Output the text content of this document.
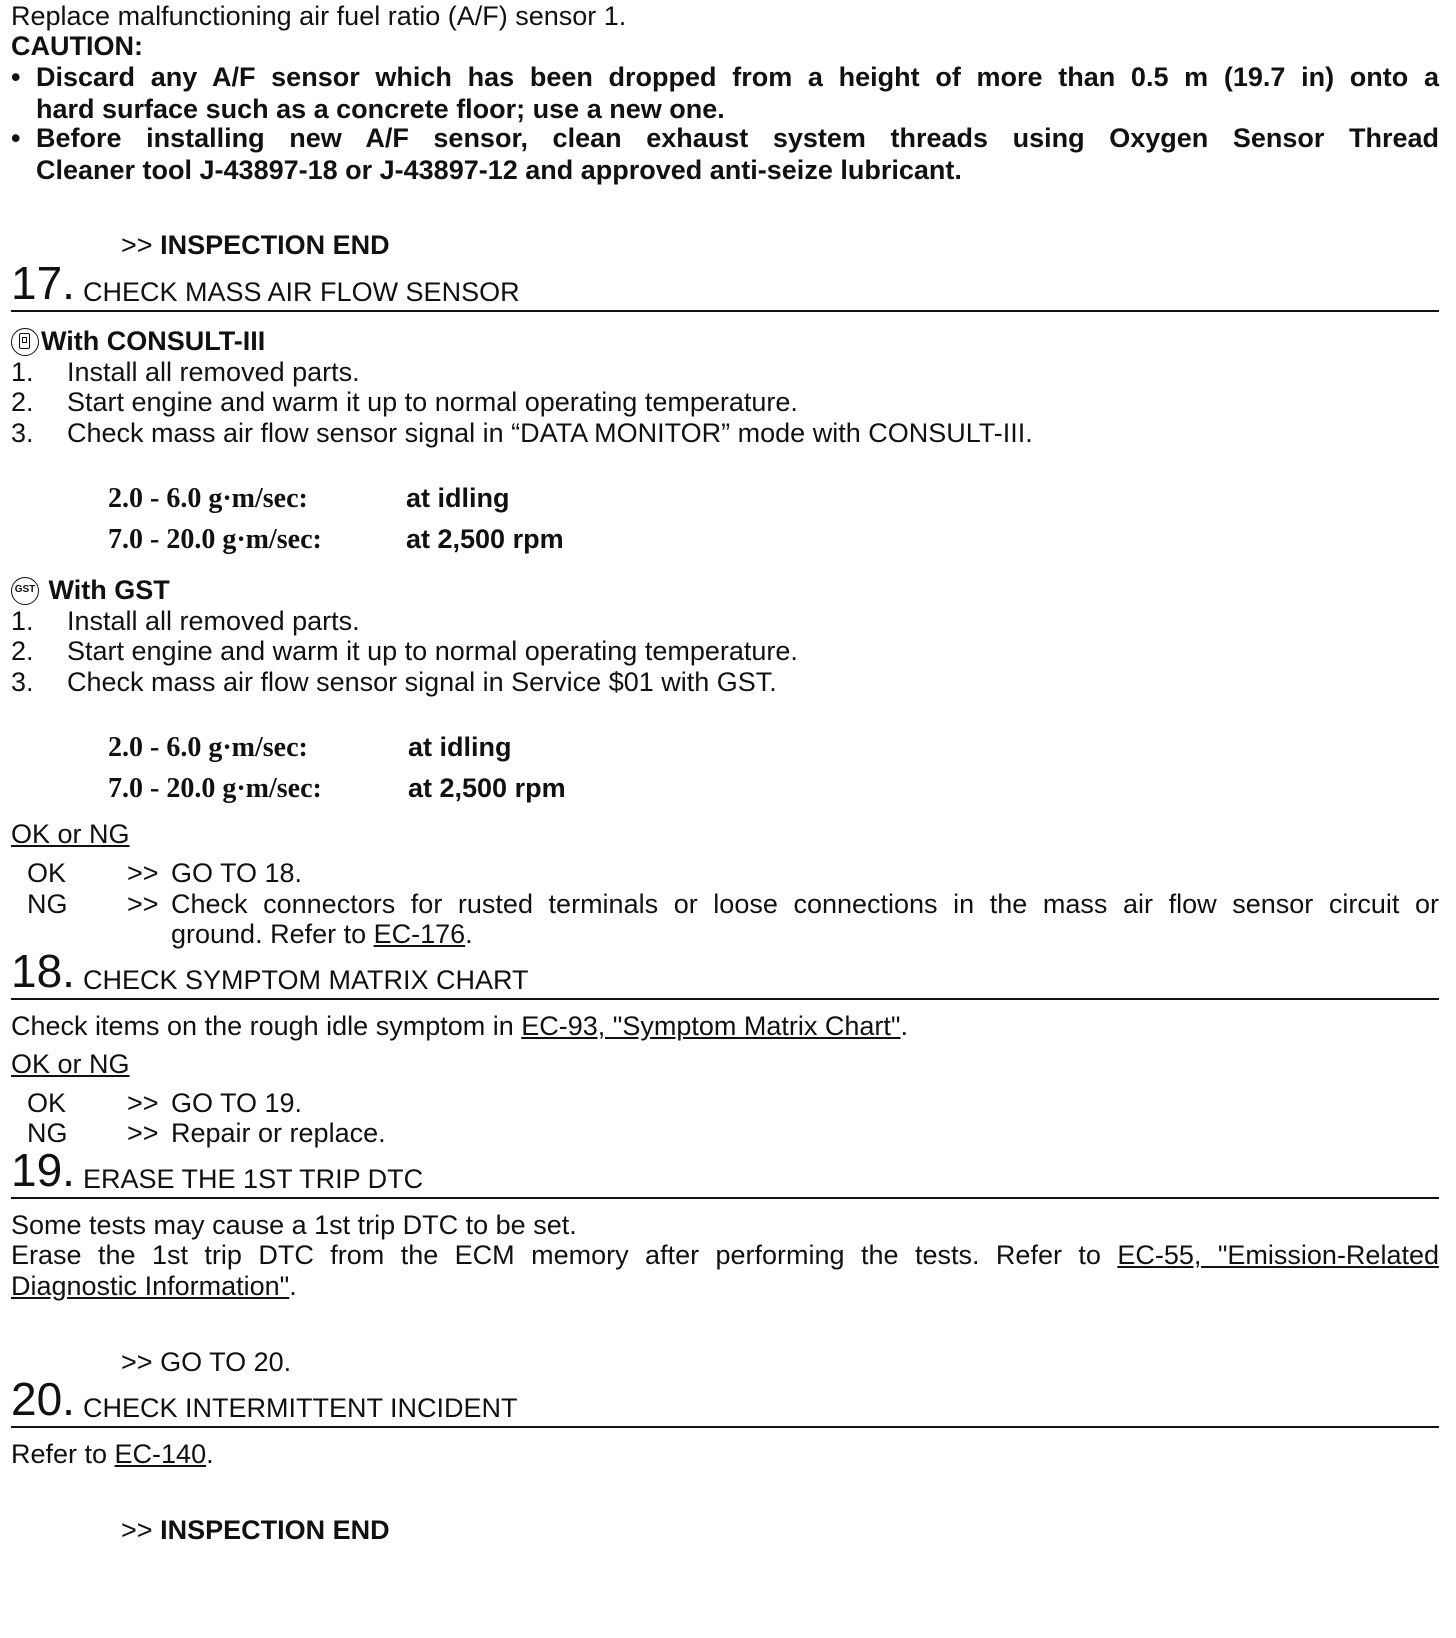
Replace malfunctioning air fuel ratio (A/F) sensor 1.
CAUTION:
• Discard any A/F sensor which has been dropped from a height of more than 0.5 m (19.7 in) onto a
hard surface such as a concrete floor; use a new one.
• Before installing new A/F sensor, clean exhaust system threads using Oxygen Sensor Thread
Cleaner tool J-43897-18 or J-43897-12 and approved anti-seize lubricant.
>> INSPECTION END
17. CHECK MASS AIR FLOW SENSOR
With CONSULT-III
1. Install all removed parts.
2. Start engine and warm it up to normal operating temperature.
3. Check mass air flow sensor signal in “DATA MONITOR” mode with CONSULT-III.
2.0 - 6.0 g·m/sec:	at idling
7.0 - 20.0 g·m/sec:	at 2,500 rpm
GST With GST
1. Install all removed parts.
2. Start engine and warm it up to normal operating temperature.
3. Check mass air flow sensor signal in Service $01 with GST.
2.0 - 6.0 g·m/sec:	at idling
7.0 - 20.0 g·m/sec:	at 2,500 rpm
OK or NG
OK >> GO TO 18.
NG >> Check connectors for rusted terminals or loose connections in the mass air flow sensor circuit or
ground. Refer to EC-176.
18. CHECK SYMPTOM MATRIX CHART
Check items on the rough idle symptom in EC-93, "Symptom Matrix Chart".
OK or NG
OK >> GO TO 19.
NG >> Repair or replace.
19. ERASE THE 1ST TRIP DTC
Some tests may cause a 1st trip DTC to be set.
Erase the 1st trip DTC from the ECM memory after performing the tests. Refer to EC-55, "Emission-Related
Diagnostic Information".
>> GO TO 20.
20. CHECK INTERMITTENT INCIDENT
Refer to EC-140.
>> INSPECTION END
